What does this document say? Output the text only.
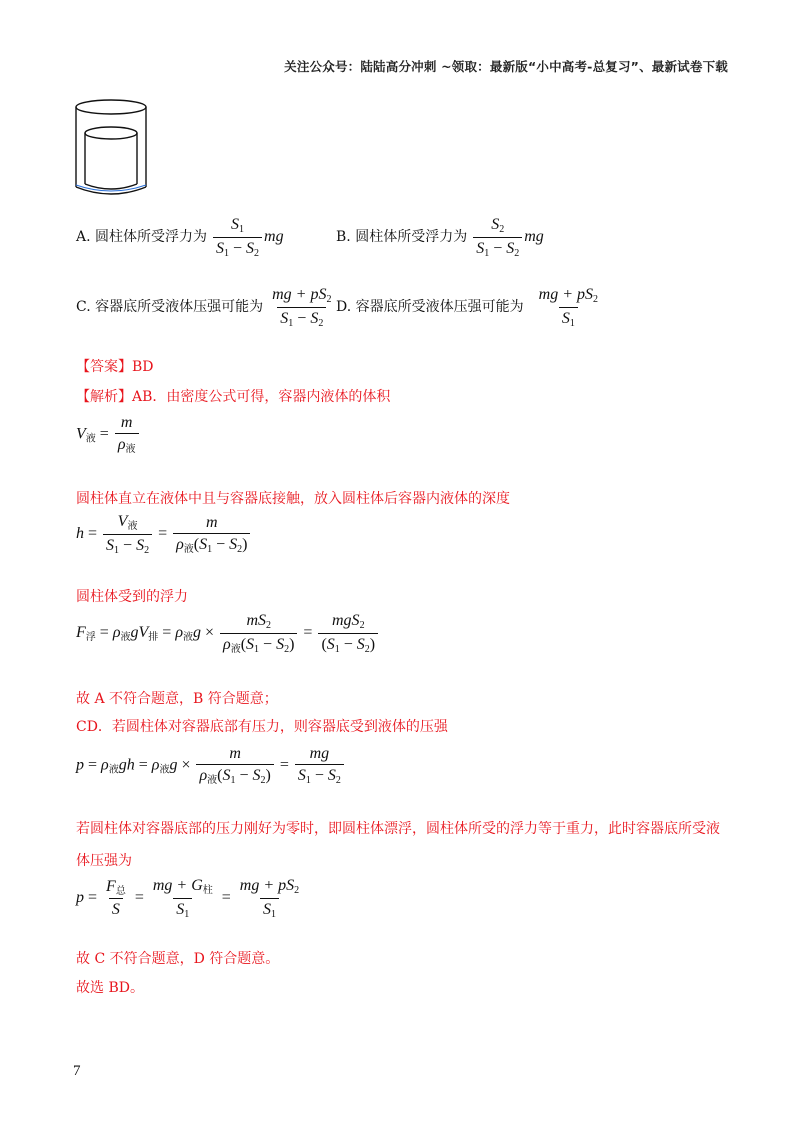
关注公众号：陆陆高分冲刺 ~领取：最新版“小中高考-总复习”、最新试卷下载
A. 圆柱体所受浮力为 $\frac{S_1}{S_1 - S_2}$ mg	B. 圆柱体所受浮力为 $\frac{S_2}{S_1 - S_2}$ mg
C. 容器底所受液体压强可能为 $\frac{mg + pS_2}{S_1 - S_2} D$. 容器底所受液体压强可能为 $\frac{mg + pS_2}{S_1}$
【答案】BD
【解析】AB．由密度公式可得，容器内液体的体积
$V_液 = \frac{m}{\rho_液}$
圆柱体直立在液体中且与容器底接触，放入圆柱体后容器内液体的深度
$h = \frac{V_液}{S_1 - S_2} = \frac{m}{\rho_液(S_1 - S_2)}$
圆柱体受到的浮力
$F_浮 = \rho_液gV_排 = \rho_液g \times \frac{mS_2}{\rho_液(S_1 - S_2)} = \frac{mgS_2}{(S_1 - S_2)}$
故 A 不符合题意，B 符合题意；
CD．若圆柱体对容器底部有压力，则容器底受到液体的压强
$p = \rho_液gh = \rho_液g \times \frac{m}{\rho_液(S_1 - S_2)} = \frac{mg}{S_1 - S_2}$
若圆柱体对容器底部的压力刚好为零时，即圆柱体漂浮，圆柱体所受的浮力等于重力，此时容器底所受液
体压强为
$p = \frac{F_总}{S} = \frac{mg + G_柱}{S_1} = \frac{mg + pS_2}{S_1}$
故 C 不符合题意，D 符合题意。
故选 BD。
7
